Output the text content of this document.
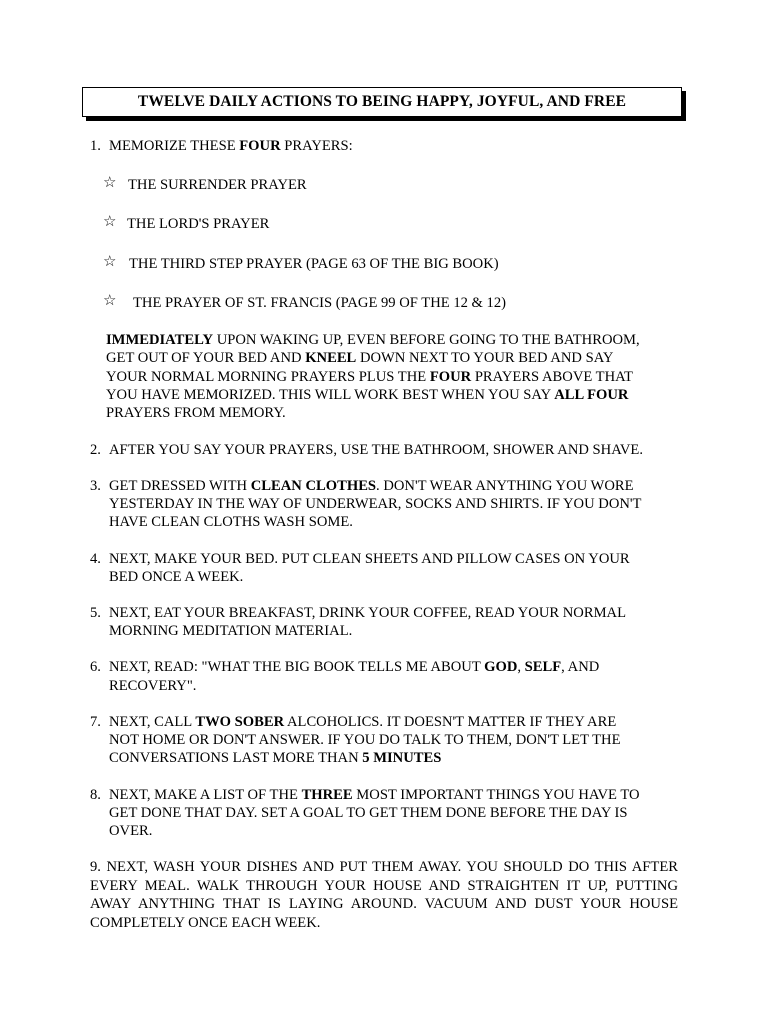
TWELVE DAILY ACTIONS TO BEING HAPPY, JOYFUL, AND FREE
1. MEMORIZE THESE FOUR PRAYERS:
☆ THE SURRENDER PRAYER
☆ THE LORD'S PRAYER
☆ THE THIRD STEP PRAYER (PAGE 63 OF THE BIG BOOK)
☆ THE PRAYER OF ST. FRANCIS (PAGE 99 OF THE 12 & 12)
IMMEDIATELY UPON WAKING UP, EVEN BEFORE GOING TO THE BATHROOM,
GET OUT OF YOUR BED AND KNEEL DOWN NEXT TO YOUR BED AND SAY
YOUR NORMAL MORNING PRAYERS PLUS THE FOUR PRAYERS ABOVE THAT
YOU HAVE MEMORIZED. THIS WILL WORK BEST WHEN YOU SAY ALL FOUR
PRAYERS FROM MEMORY.
2. AFTER YOU SAY YOUR PRAYERS, USE THE BATHROOM, SHOWER AND SHAVE.
3. GET DRESSED WITH CLEAN CLOTHES. DON'T WEAR ANYTHING YOU WORE
YESTERDAY IN THE WAY OF UNDERWEAR, SOCKS AND SHIRTS. IF YOU DON'T
HAVE CLEAN CLOTHS WASH SOME.
4. NEXT, MAKE YOUR BED. PUT CLEAN SHEETS AND PILLOW CASES ON YOUR
BED ONCE A WEEK.
5. NEXT, EAT YOUR BREAKFAST, DRINK YOUR COFFEE, READ YOUR NORMAL
MORNING MEDITATION MATERIAL.
6. NEXT, READ: "WHAT THE BIG BOOK TELLS ME ABOUT GOD, SELF, AND
RECOVERY".
7. NEXT, CALL TWO SOBER ALCOHOLICS. IT DOESN'T MATTER IF THEY ARE
NOT HOME OR DON'T ANSWER. IF YOU DO TALK TO THEM, DON'T LET THE
CONVERSATIONS LAST MORE THAN 5 MINUTES
8. NEXT, MAKE A LIST OF THE THREE MOST IMPORTANT THINGS YOU HAVE TO
GET DONE THAT DAY. SET A GOAL TO GET THEM DONE BEFORE THE DAY IS
OVER.
9. NEXT, WASH YOUR DISHES AND PUT THEM AWAY. YOU SHOULD DO THIS AFTER EVERY MEAL. WALK THROUGH YOUR HOUSE AND STRAIGHTEN IT UP, PUTTING AWAY ANYTHING THAT IS LAYING AROUND. VACUUM AND DUST YOUR HOUSE COMPLETELY ONCE EACH WEEK.
